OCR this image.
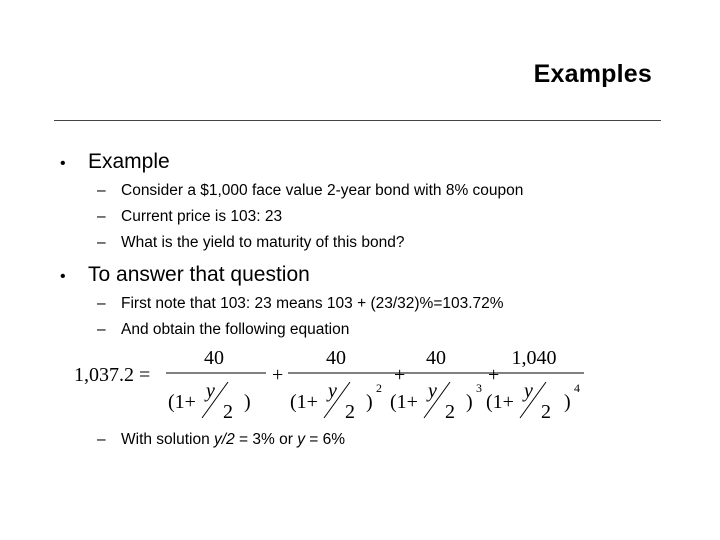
Examples
•	Example
– Consider a $1,000 face value 2-year bond with 8% coupon
– Current price is 103: 23
– What is the yield to maturity of this bond?
•	To answer that question
– First note that 103: 23 means 103 + (23/32)%=103.72%
– And obtain the following equation
1,037.2 =
40
(1+ y
2 )
+
40
(1+ y
2 )
2
+
40
(1+ y
2 )
3
+
1,040
(1+ y
2 )
4
– With solution y/2 = 3% or y = 6%
